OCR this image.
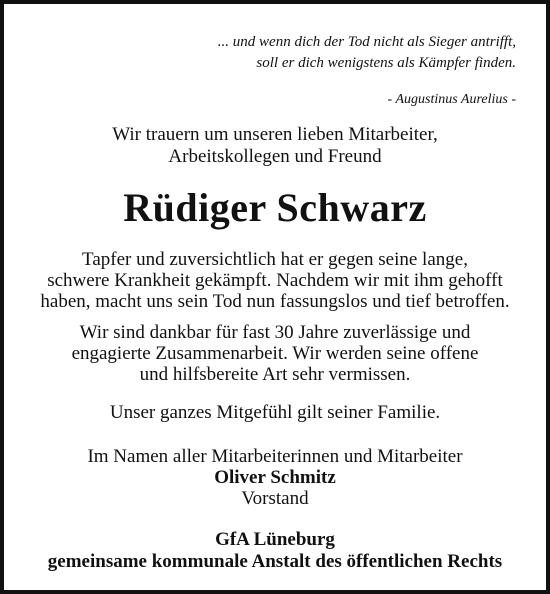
... und wenn dich der Tod nicht als Sieger antrifft,
soll er dich wenigstens als Kämpfer finden.
- Augustinus Aurelius -
Wir trauern um unseren lieben Mitarbeiter,
Arbeitskollegen und Freund
Rüdiger Schwarz
Tapfer und zuversichtlich hat er gegen seine lange,
schwere Krankheit gekämpft. Nachdem wir mit ihm gehofft
haben, macht uns sein Tod nun fassungslos und tief betroffen.
Wir sind dankbar für fast 30 Jahre zuverlässige und
engagierte Zusammenarbeit. Wir werden seine offene
und hilfsbereite Art sehr vermissen.
Unser ganzes Mitgefühl gilt seiner Familie.
Im Namen aller Mitarbeiterinnen und Mitarbeiter
Oliver Schmitz
Vorstand
GfA Lüneburg
gemeinsame kommunale Anstalt des öffentlichen Rechts
